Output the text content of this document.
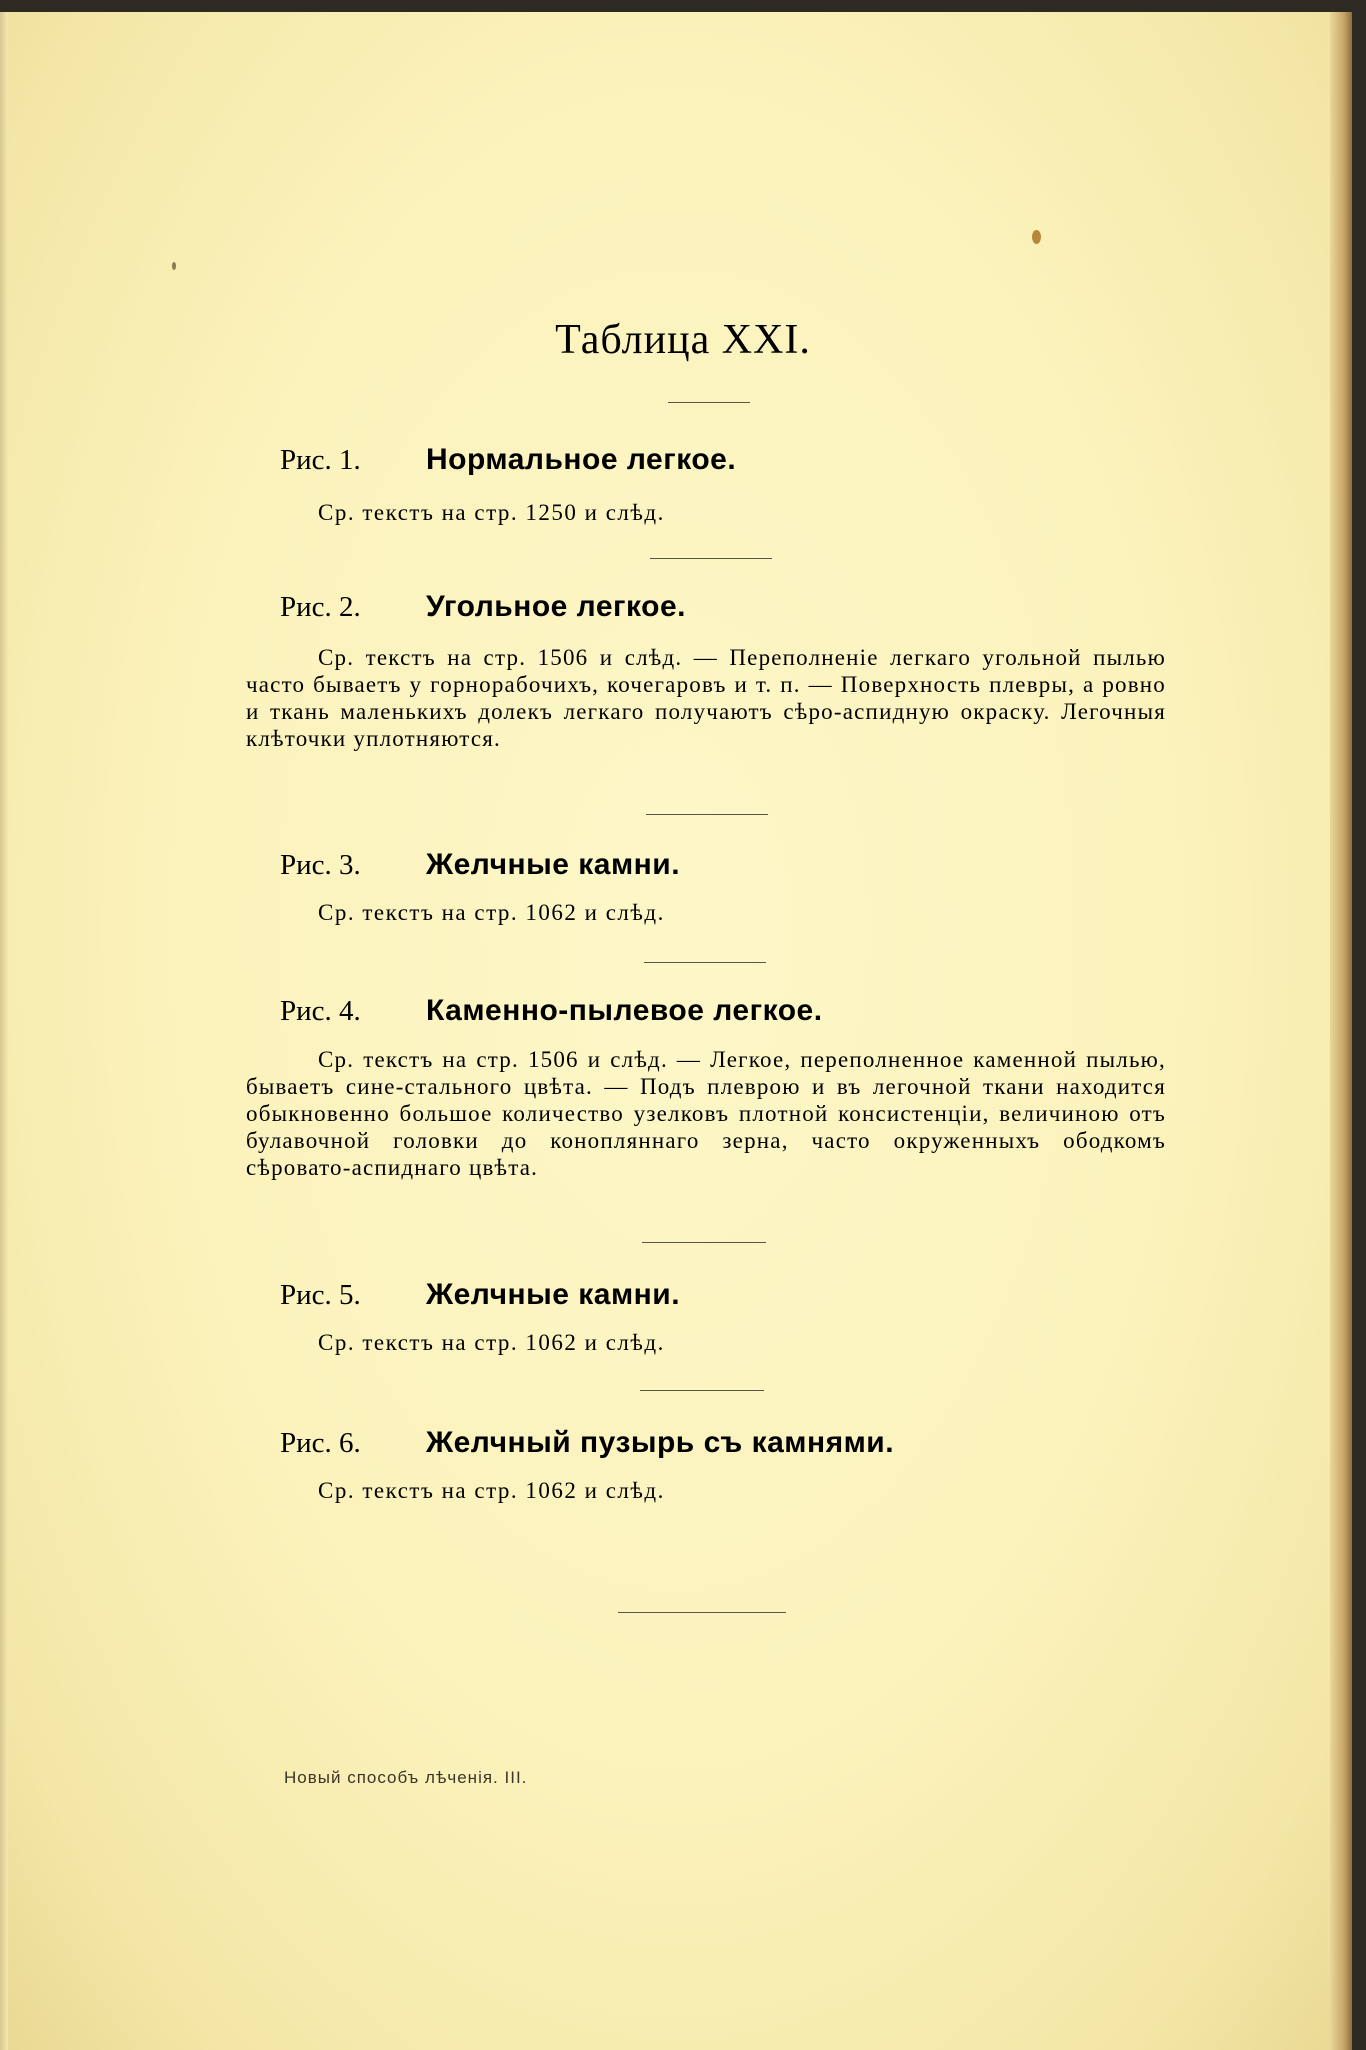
Таблица XXI.
Рис. 1. Нормальное легкое.
Ср. текстъ на стр. 1250 и слѣд.
Рис. 2. Угольное легкое.
Ср. текстъ на стр. 1506 и слѣд. — Переполненіе легкаго угольной пылью часто бываетъ у горнорабочихъ, кочегаровъ и т. п. — Поверхность плевры, а ровно и ткань маленькихъ долекъ легкаго получаютъ сѣро-аспидную окраску. Легочныя клѣточки уплотняются.
Рис. 3. Желчные камни.
Ср. текстъ на стр. 1062 и слѣд.
Рис. 4. Каменно-пылевое легкое.
Ср. текстъ на стр. 1506 и слѣд. — Легкое, переполненное каменной пылью, бываетъ сине-стального цвѣта. — Подъ плеврою и въ легочной ткани находится обыкновенно большое количество узелковъ плотной консистенціи, величиною отъ булавочной головки до конопляннаго зерна, часто окруженныхъ ободкомъ сѣровато-аспиднаго цвѣта.
Рис. 5. Желчные камни.
Ср. текстъ на стр. 1062 и слѣд.
Рис. 6. Желчный пузырь съ камнями.
Ср. текстъ на стр. 1062 и слѣд.
Новый способъ лѣченія. III.
